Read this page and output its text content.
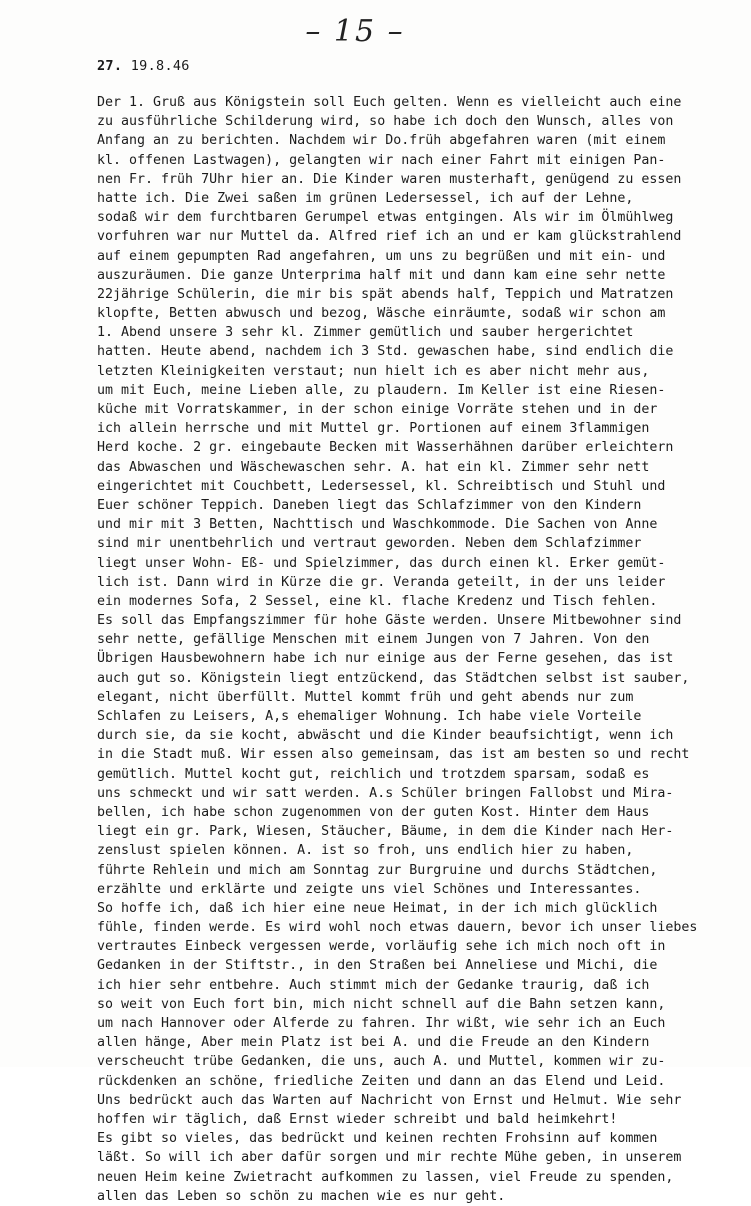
– 15 –
27. 19.8.46
Der 1. Gruß aus Königstein soll Euch gelten. Wenn es vielleicht auch eine
zu ausführliche Schilderung wird, so habe ich doch den Wunsch, alles von
Anfang an zu berichten. Nachdem wir Do.früh abgefahren waren (mit einem
kl. offenen Lastwagen), gelangten wir nach einer Fahrt mit einigen Pan-
nen Fr. früh 7Uhr hier an. Die Kinder waren musterhaft, genügend zu essen
hatte ich. Die Zwei saßen im grünen Ledersessel, ich auf der Lehne,
sodaß wir dem furchtbaren Gerumpel etwas entgingen. Als wir im Ölmühlweg
vorfuhren war nur Muttel da. Alfred rief ich an und er kam glückstrahlend
auf einem gepumpten Rad angefahren, um uns zu begrüßen und mit ein- und
auszuräumen. Die ganze Unterprima half mit und dann kam eine sehr nette
22jährige Schülerin, die mir bis spät abends half, Teppich und Matratzen
klopfte, Betten abwusch und bezog, Wäsche einräumte, sodaß wir schon am
1. Abend unsere 3 sehr kl. Zimmer gemütlich und sauber hergerichtet
hatten. Heute abend, nachdem ich 3 Std. gewaschen habe, sind endlich die
letzten Kleinigkeiten verstaut; nun hielt ich es aber nicht mehr aus,
um mit Euch, meine Lieben alle, zu plaudern. Im Keller ist eine Riesen-
küche mit Vorratskammer, in der schon einige Vorräte stehen und in der
ich allein herrsche und mit Muttel gr. Portionen auf einem 3flammigen
Herd koche. 2 gr. eingebaute Becken mit Wasserhähnen darüber erleichtern
das Abwaschen und Wäschewaschen sehr. A. hat ein kl. Zimmer sehr nett
eingerichtet mit Couchbett, Ledersessel, kl. Schreibtisch und Stuhl und
Euer schöner Teppich. Daneben liegt das Schlafzimmer von den Kindern
und mir mit 3 Betten, Nachttisch und Waschkommode. Die Sachen von Anne
sind mir unentbehrlich und vertraut geworden. Neben dem Schlafzimmer
liegt unser Wohn- Eß- und Spielzimmer, das durch einen kl. Erker gemüt-
lich ist. Dann wird in Kürze die gr. Veranda geteilt, in der uns leider
ein modernes Sofa, 2 Sessel, eine kl. flache Kredenz und Tisch fehlen.
Es soll das Empfangszimmer für hohe Gäste werden. Unsere Mitbewohner sind
sehr nette, gefällige Menschen mit einem Jungen von 7 Jahren. Von den
Übrigen Hausbewohnern habe ich nur einige aus der Ferne gesehen, das ist
auch gut so. Königstein liegt entzückend, das Städtchen selbst ist sauber,
elegant, nicht überfüllt. Muttel kommt früh und geht abends nur zum
Schlafen zu Leisers, A,s ehemaliger Wohnung. Ich habe viele Vorteile
durch sie, da sie kocht, abwäscht und die Kinder beaufsichtigt, wenn ich
in die Stadt muß. Wir essen also gemeinsam, das ist am besten so und recht
gemütlich. Muttel kocht gut, reichlich und trotzdem sparsam, sodaß es
uns schmeckt und wir satt werden. A.s Schüler bringen Fallobst und Mira-
bellen, ich habe schon zugenommen von der guten Kost. Hinter dem Haus
liegt ein gr. Park, Wiesen, Stäucher, Bäume, in dem die Kinder nach Her-
zenslust spielen können. A. ist so froh, uns endlich hier zu haben,
führte Rehlein und mich am Sonntag zur Burgruine und durchs Städtchen,
erzählte und erklärte und zeigte uns viel Schönes und Interessantes.
So hoffe ich, daß ich hier eine neue Heimat, in der ich mich glücklich
fühle, finden werde. Es wird wohl noch etwas dauern, bevor ich unser liebes
vertrautes Einbeck vergessen werde, vorläufig sehe ich mich noch oft in
Gedanken in der Stiftstr., in den Straßen bei Anneliese und Michi, die
ich hier sehr entbehre. Auch stimmt mich der Gedanke traurig, daß ich
so weit von Euch fort bin, mich nicht schnell auf die Bahn setzen kann,
um nach Hannover oder Alferde zu fahren. Ihr wißt, wie sehr ich an Euch
allen hänge, Aber mein Platz ist bei A. und die Freude an den Kindern
verscheucht trübe Gedanken, die uns, auch A. und Muttel, kommen wir zu-
rückdenken an schöne, friedliche Zeiten und dann an das Elend und Leid.
Uns bedrückt auch das Warten auf Nachricht von Ernst und Helmut. Wie sehr
hoffen wir täglich, daß Ernst wieder schreibt und bald heimkehrt!
Es gibt so vieles, das bedrückt und keinen rechten Frohsinn auf kommen
läßt. So will ich aber dafür sorgen und mir rechte Mühe geben, in unserem
neuen Heim keine Zwietracht aufkommen zu lassen, viel Freude zu spenden,
allen das Leben so schön zu machen wie es nur geht.
